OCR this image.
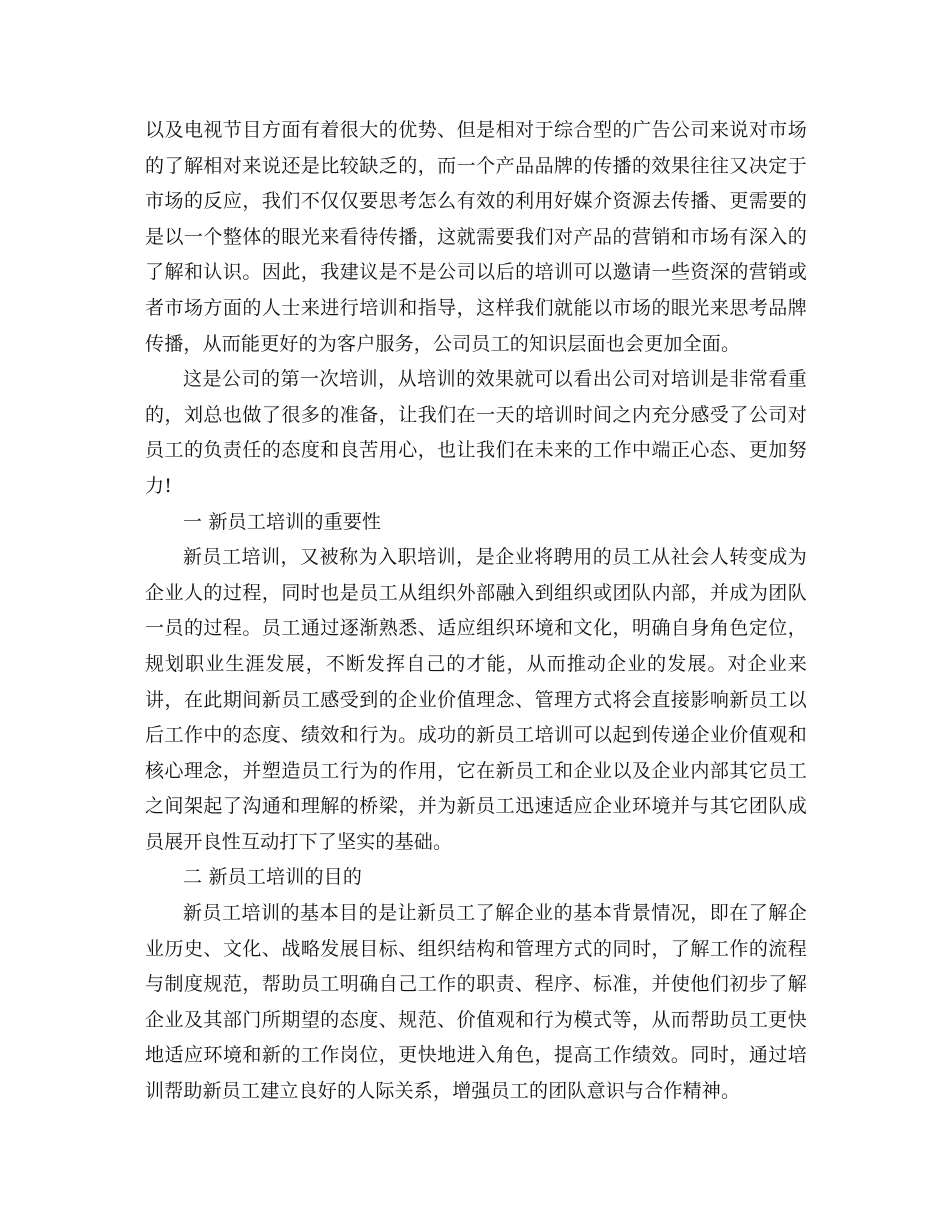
以及电视节目方面有着很大的优势、但是相对于综合型的广告公司来说对市场的了解相对来说还是比较缺乏的，而一个产品品牌的传播的效果往往又决定于市场的反应，我们不仅仅要思考怎么有效的利用好媒介资源去传播、更需要的是以一个整体的眼光来看待传播，这就需要我们对产品的营销和市场有深入的了解和认识。因此，我建议是不是公司以后的培训可以邀请一些资深的营销或者市场方面的人士来进行培训和指导，这样我们就能以市场的眼光来思考品牌传播，从而能更好的为客户服务，公司员工的知识层面也会更加全面。

这是公司的第一次培训，从培训的效果就可以看出公司对培训是非常看重的，刘总也做了很多的准备，让我们在一天的培训时间之内充分感受了公司对员工的负责任的态度和良苦用心，也让我们在未来的工作中端正心态、更加努力!

一 新员工培训的重要性

新员工培训，又被称为入职培训，是企业将聘用的员工从社会人转变成为企业人的过程，同时也是员工从组织外部融入到组织或团队内部，并成为团队一员的过程。员工通过逐渐熟悉、适应组织环境和文化，明确自身角色定位，规划职业生涯发展，不断发挥自己的才能，从而推动企业的发展。对企业来讲，在此期间新员工感受到的企业价值理念、管理方式将会直接影响新员工以后工作中的态度、绩效和行为。成功的新员工培训可以起到传递企业价值观和核心理念，并塑造员工行为的作用，它在新员工和企业以及企业内部其它员工之间架起了沟通和理解的桥梁，并为新员工迅速适应企业环境并与其它团队成员展开良性互动打下了坚实的基础。

二 新员工培训的目的

新员工培训的基本目的是让新员工了解企业的基本背景情况，即在了解企业历史、文化、战略发展目标、组织结构和管理方式的同时，了解工作的流程与制度规范，帮助员工明确自己工作的职责、程序、标准，并使他们初步了解企业及其部门所期望的态度、规范、价值观和行为模式等，从而帮助员工更快地适应环境和新的工作岗位，更快地进入角色，提高工作绩效。同时，通过培训帮助新员工建立良好的人际关系，增强员工的团队意识与合作精神。
